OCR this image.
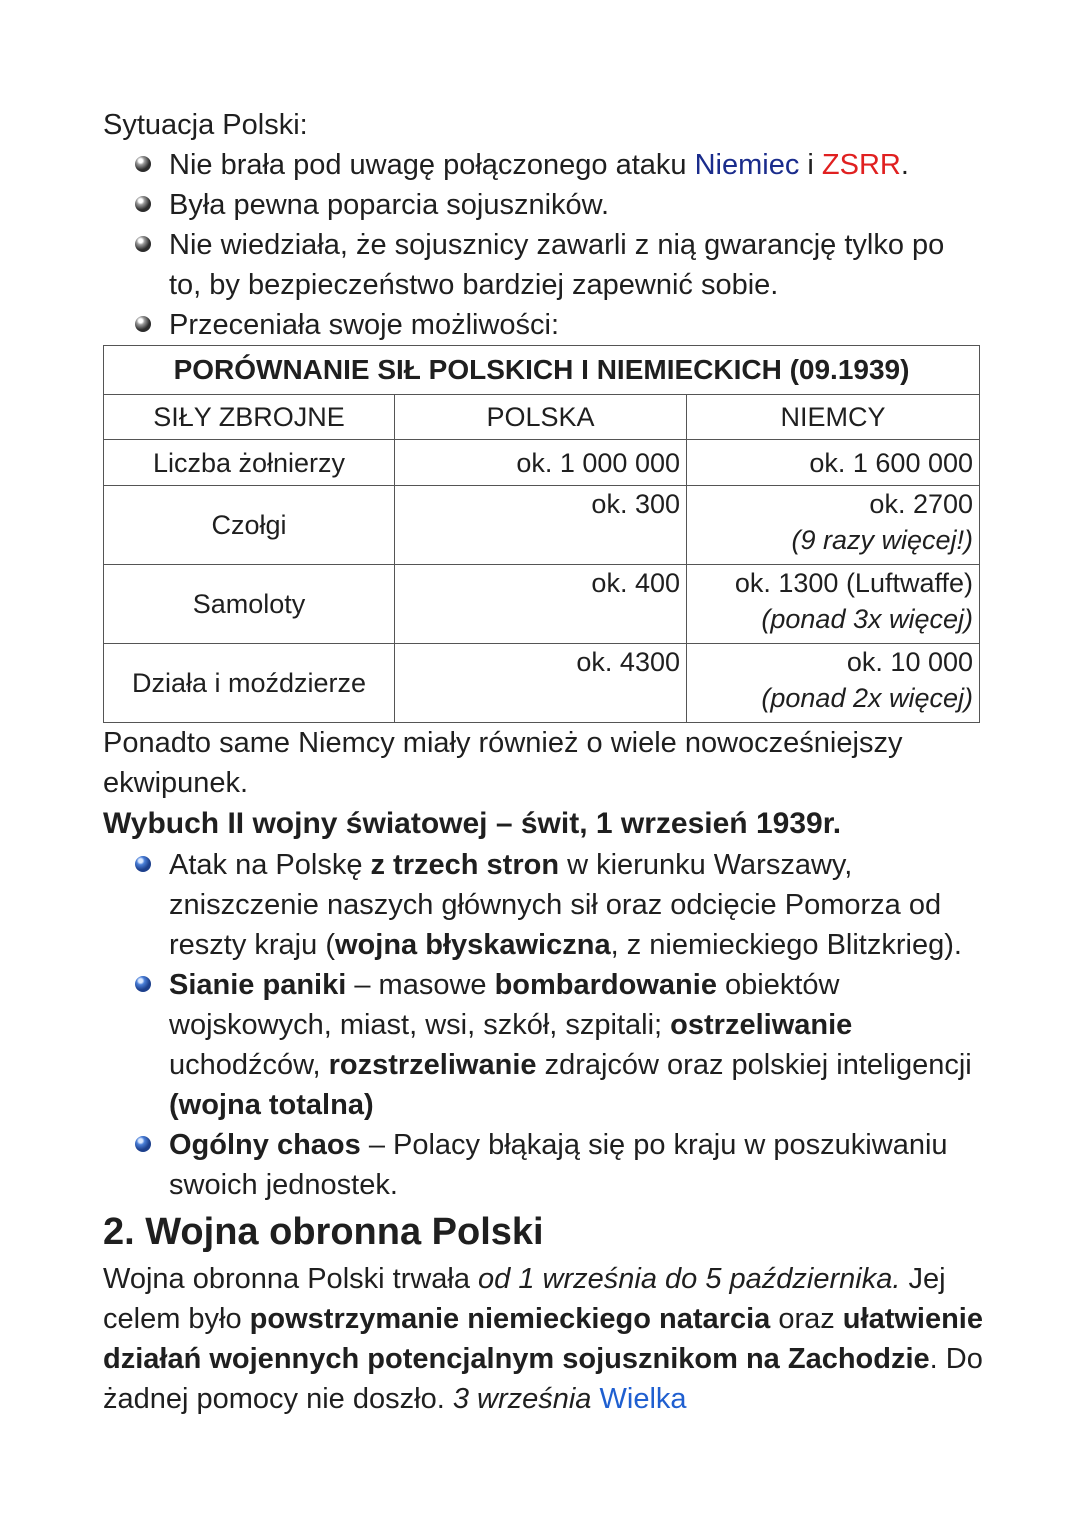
Sytuacja Polski:

Nie brała pod uwagę połączonego ataku Niemiec i ZSRR.
Była pewna poparcia sojuszników.
Nie wiedziała, że sojusznicy zawarli z nią gwarancję tylko po to, by bezpieczeństwo bardziej zapewnić sobie.
Przeceniała swoje możliwości:
PORÓWNANIE SIŁ POLSKICH I NIEMIECKICH (09.1939)		
SIŁY ZBROJNE	POLSKA	NIEMCY
Liczba żołnierzy	ok. 1 000 000	ok. 1 600 000
Czołgi	ok. 300	ok. 2700
(9 razy więcej!)

Samoloty	ok. 400	ok. 1300 (Luftwaffe)
(ponad 3x więcej)

Działa i moździerze	ok. 4300	ok. 10 000
(ponad 2x więcej)

Ponadto same Niemcy miały również o wiele nowocześniejszy ekwipunek.

Wybuch II wojny światowej – świt, 1 wrzesień 1939r.

Atak na Polskę z trzech stron w kierunku Warszawy, zniszczenie naszych głównych sił oraz odcięcie Pomorza od reszty kraju (wojna błyskawiczna, z niemieckiego Blitzkrieg).
Sianie paniki – masowe bombardowanie obiektów wojskowych, miast, wsi, szkół, szpitali; ostrzeliwanie uchodźców, rozstrzeliwanie zdrajców oraz polskiej inteligencji (wojna totalna)
Ogólny chaos – Polacy błąkają się po kraju w poszukiwaniu swoich jednostek.
2. Wojna obronna Polski

Wojna obronna Polski trwała od 1 września do 5 października. Jej celem było powstrzymanie niemieckiego natarcia oraz ułatwienie działań wojennych potencjalnym sojusznikom na Zachodzie. Do żadnej pomocy nie doszło. 3 września Wielka
